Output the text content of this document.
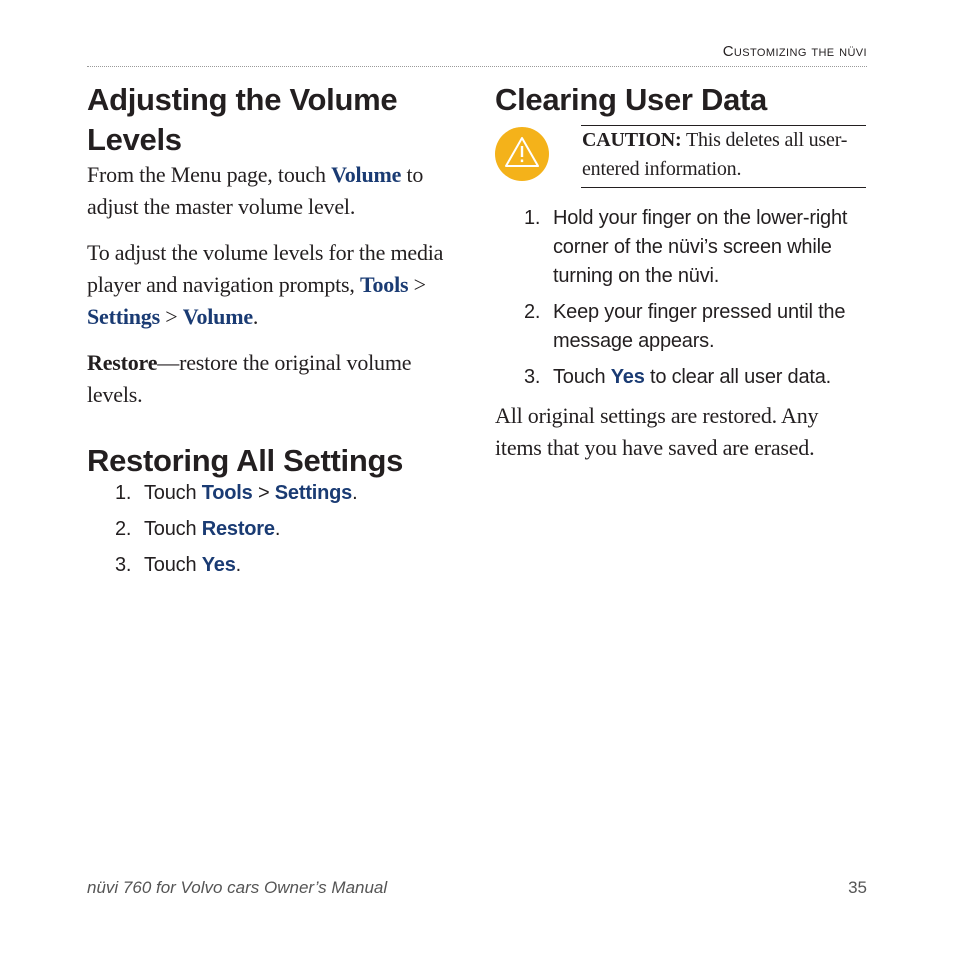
Customizing the nüvi
Adjusting the Volume
Levels

From the Menu page, touch Volume to adjust the master volume level.

To adjust the volume levels for the media player and navigation prompts, Tools > Settings > Volume.

Restore—restore the original volume levels.

Restoring All Settings
1. Touch Tools > Settings.
2. Touch Restore.
3. Touch Yes.
Clearing User Data
CAUTION: This deletes all user-entered information.
1. Hold your finger on the lower-right corner of the nüvi’s screen while turning on the nüvi.
2. Keep your finger pressed until the message appears.
3. Touch Yes to clear all user data.

All original settings are restored. Any items that you have saved are erased.

nüvi 760 for Volvo cars Owner’s Manual	35
